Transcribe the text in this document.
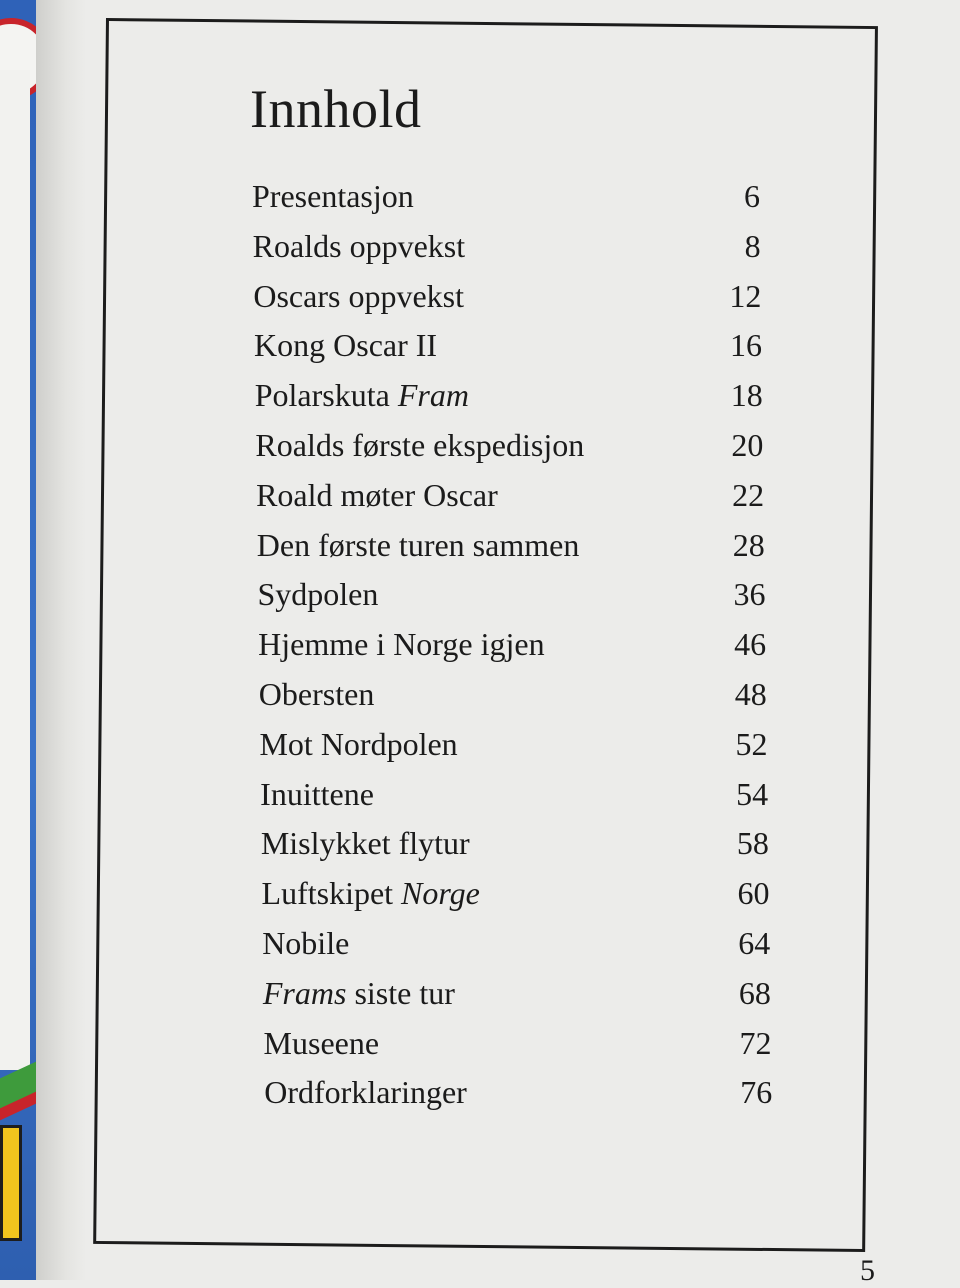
Innhold
Presentasjon	6
Roalds oppvekst	8
Oscars oppvekst	12
Kong Oscar II	16
Polarskuta Fram	18
Roalds første ekspedisjon	20
Roald møter Oscar	22
Den første turen sammen	28
Sydpolen	36
Hjemme i Norge igjen	46
Obersten	48
Mot Nordpolen	52
Inuittene	54
Mislykket flytur	58
Luftskipet Norge	60
Nobile	64
Frams siste tur	68
Museene	72
Ordforklaringer	76
5
